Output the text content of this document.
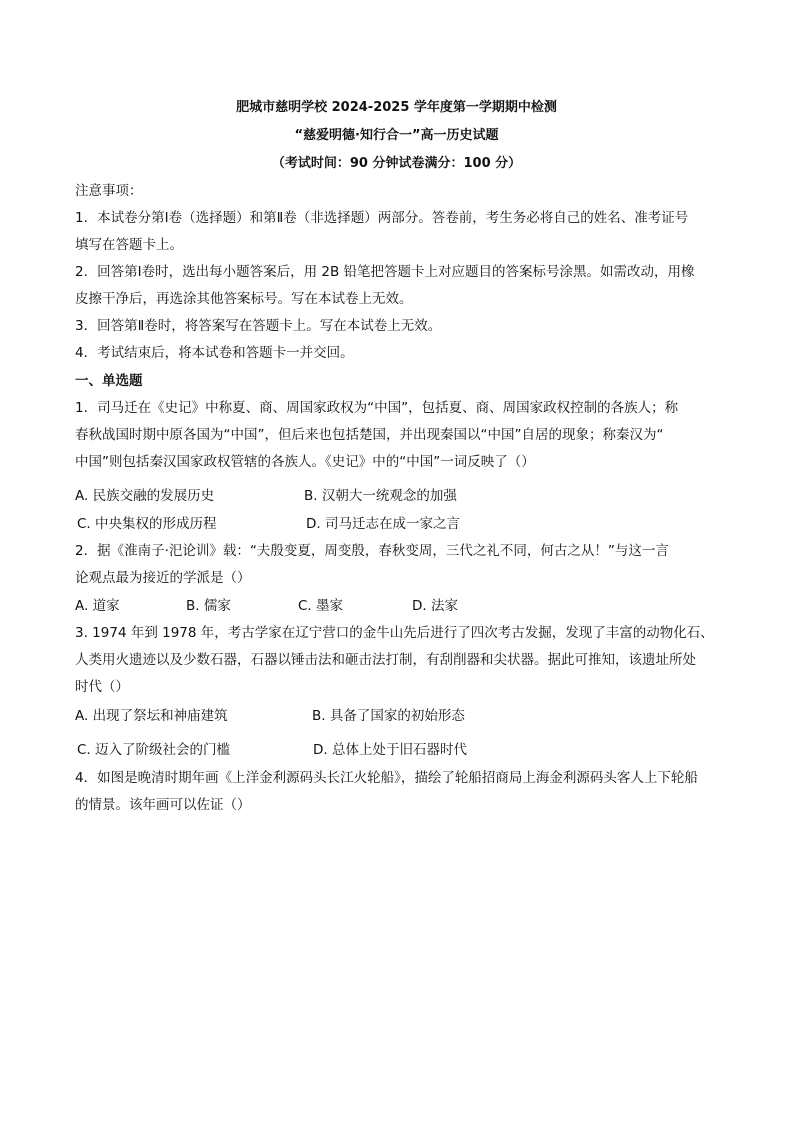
肥城市慈明学校 2024-2025 学年度第一学期期中检测
“慈爱明德·知行合一”高一历史试题
（考试时间：90 分钟试卷满分：100 分）
注意事项：
1．本试卷分第Ⅰ卷（选择题）和第Ⅱ卷（非选择题）两部分。答卷前，考生务必将自己的姓名、准考证号
填写在答题卡上。
2．回答第Ⅰ卷时，选出每小题答案后，用 2B 铅笔把答题卡上对应题目的答案标号涂黑。如需改动，用橡
皮擦干净后，再选涂其他答案标号。写在本试卷上无效。
3．回答第Ⅱ卷时，将答案写在答题卡上。写在本试卷上无效。
4．考试结束后，将本试卷和答题卡一并交回。
一、单选题
1．司马迁在《史记》中称夏、商、周国家政权为“中国”，包括夏、商、周国家政权控制的各族人；称
春秋战国时期中原各国为“中国”，但后来也包括楚国，并出现秦国以“中国”自居的现象；称秦汉为“
中国”则包括秦汉国家政权管辖的各族人。《史记》中的“中国”一词反映了（）
A. 民族交融的发展历史	B. 汉朝大一统观念的加强
C. 中央集权的形成历程	D. 司马迁志在成一家之言
2．据《淮南子·汜论训》载：“夫殷变夏，周变殷，春秋变周，三代之礼不同，何古之从！”与这一言
论观点最为接近的学派是（）
A. 道家	B. 儒家	C. 墨家	D. 法家
3. 1974 年到 1978 年，考古学家在辽宁营口的金牛山先后进行了四次考古发掘，发现了丰富的动物化石、
人类用火遗迹以及少数石器，石器以锤击法和砸击法打制，有刮削器和尖状器。据此可推知，该遗址所处
时代（）
A. 出现了祭坛和神庙建筑	B. 具备了国家的初始形态
C. 迈入了阶级社会的门槛	D. 总体上处于旧石器时代
4．如图是晚清时期年画《上洋金利源码头长江火轮船》，描绘了轮船招商局上海金利源码头客人上下轮船
的情景。该年画可以佐证（）
